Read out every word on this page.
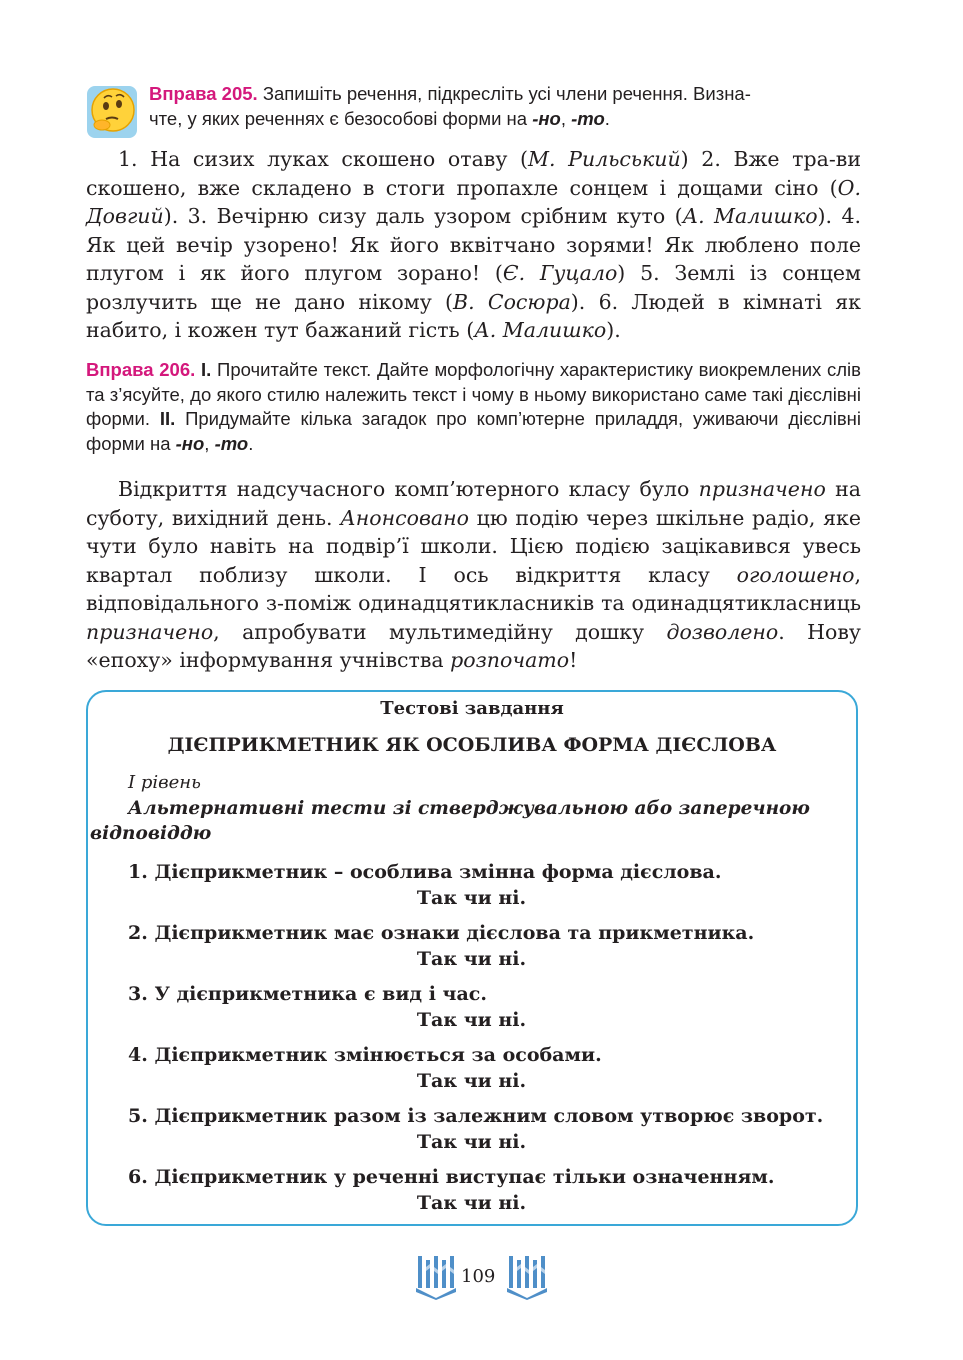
Вправа 205. Запишіть речення, підкресліть усі члени речення. Визна-
чте, у яких реченнях є безособові форми на -но, -то.
1. На сизих луках скошено отаву (М. Рильський) 2. Вже тра-ви скошено, вже складено в стоги пропахле сонцем і дощами сіно (О. Довгий). 3. Вечірню сизу даль узором срібним куто (А. Малишко). 4. Як цей вечір узорено! Як його вквітчано зорями! Як люблено поле плугом і як його плугом зорано! (Є. Гуцало) 5. Землі із сонцем розлучить ще не дано нікому (В. Сосюра). 6. Людей в кімнаті як набито, і кожен тут бажаний гість (А. Малишко).
Вправа 206. I. Прочитайте текст. Дайте морфологічну характеристику виокремлених слів та з’ясуйте, до якого стилю належить текст і чому в ньому використано саме такі дієслівні форми. II. Придумайте кілька загадок про комп’ютерне приладдя, уживаючи дієслівні форми на -но, -то.
Відкриття надсучасного комп’ютерного класу було призначено на суботу, вихідний день. Анонсовано цю подію через шкільне радіо, яке чути було навіть на подвір’ї школи. Цією подією зацікавився увесь квартал поблизу школи. І ось відкриття класу оголошено, відповідального з-поміж одинадцятикласників та одинадцятикласниць призначено, апробувати мультимедійну дошку дозволено. Нову «епоху» інформування учнівства розпочато!
Тестові завдання
ДІЄПРИКМЕТНИК ЯК ОСОБЛИВА ФОРМА ДІЄСЛОВА
І рівень
Альтернативні тести зі стверджувальною або заперечною
відповіддю
1. Дієприкметник – особлива змінна форма дієслова.
Так чи ні.
2. Дієприкметник має ознаки дієслова та прикметника.
Так чи ні.
3. У дієприкметника є вид і час.
Так чи ні.
4. Дієприкметник змінюється за особами.
Так чи ні.
5. Дієприкметник разом із залежним словом утворює зворот.
Так чи ні.
6. Дієприкметник у реченні виступає тільки означенням.
Так чи ні.
109
